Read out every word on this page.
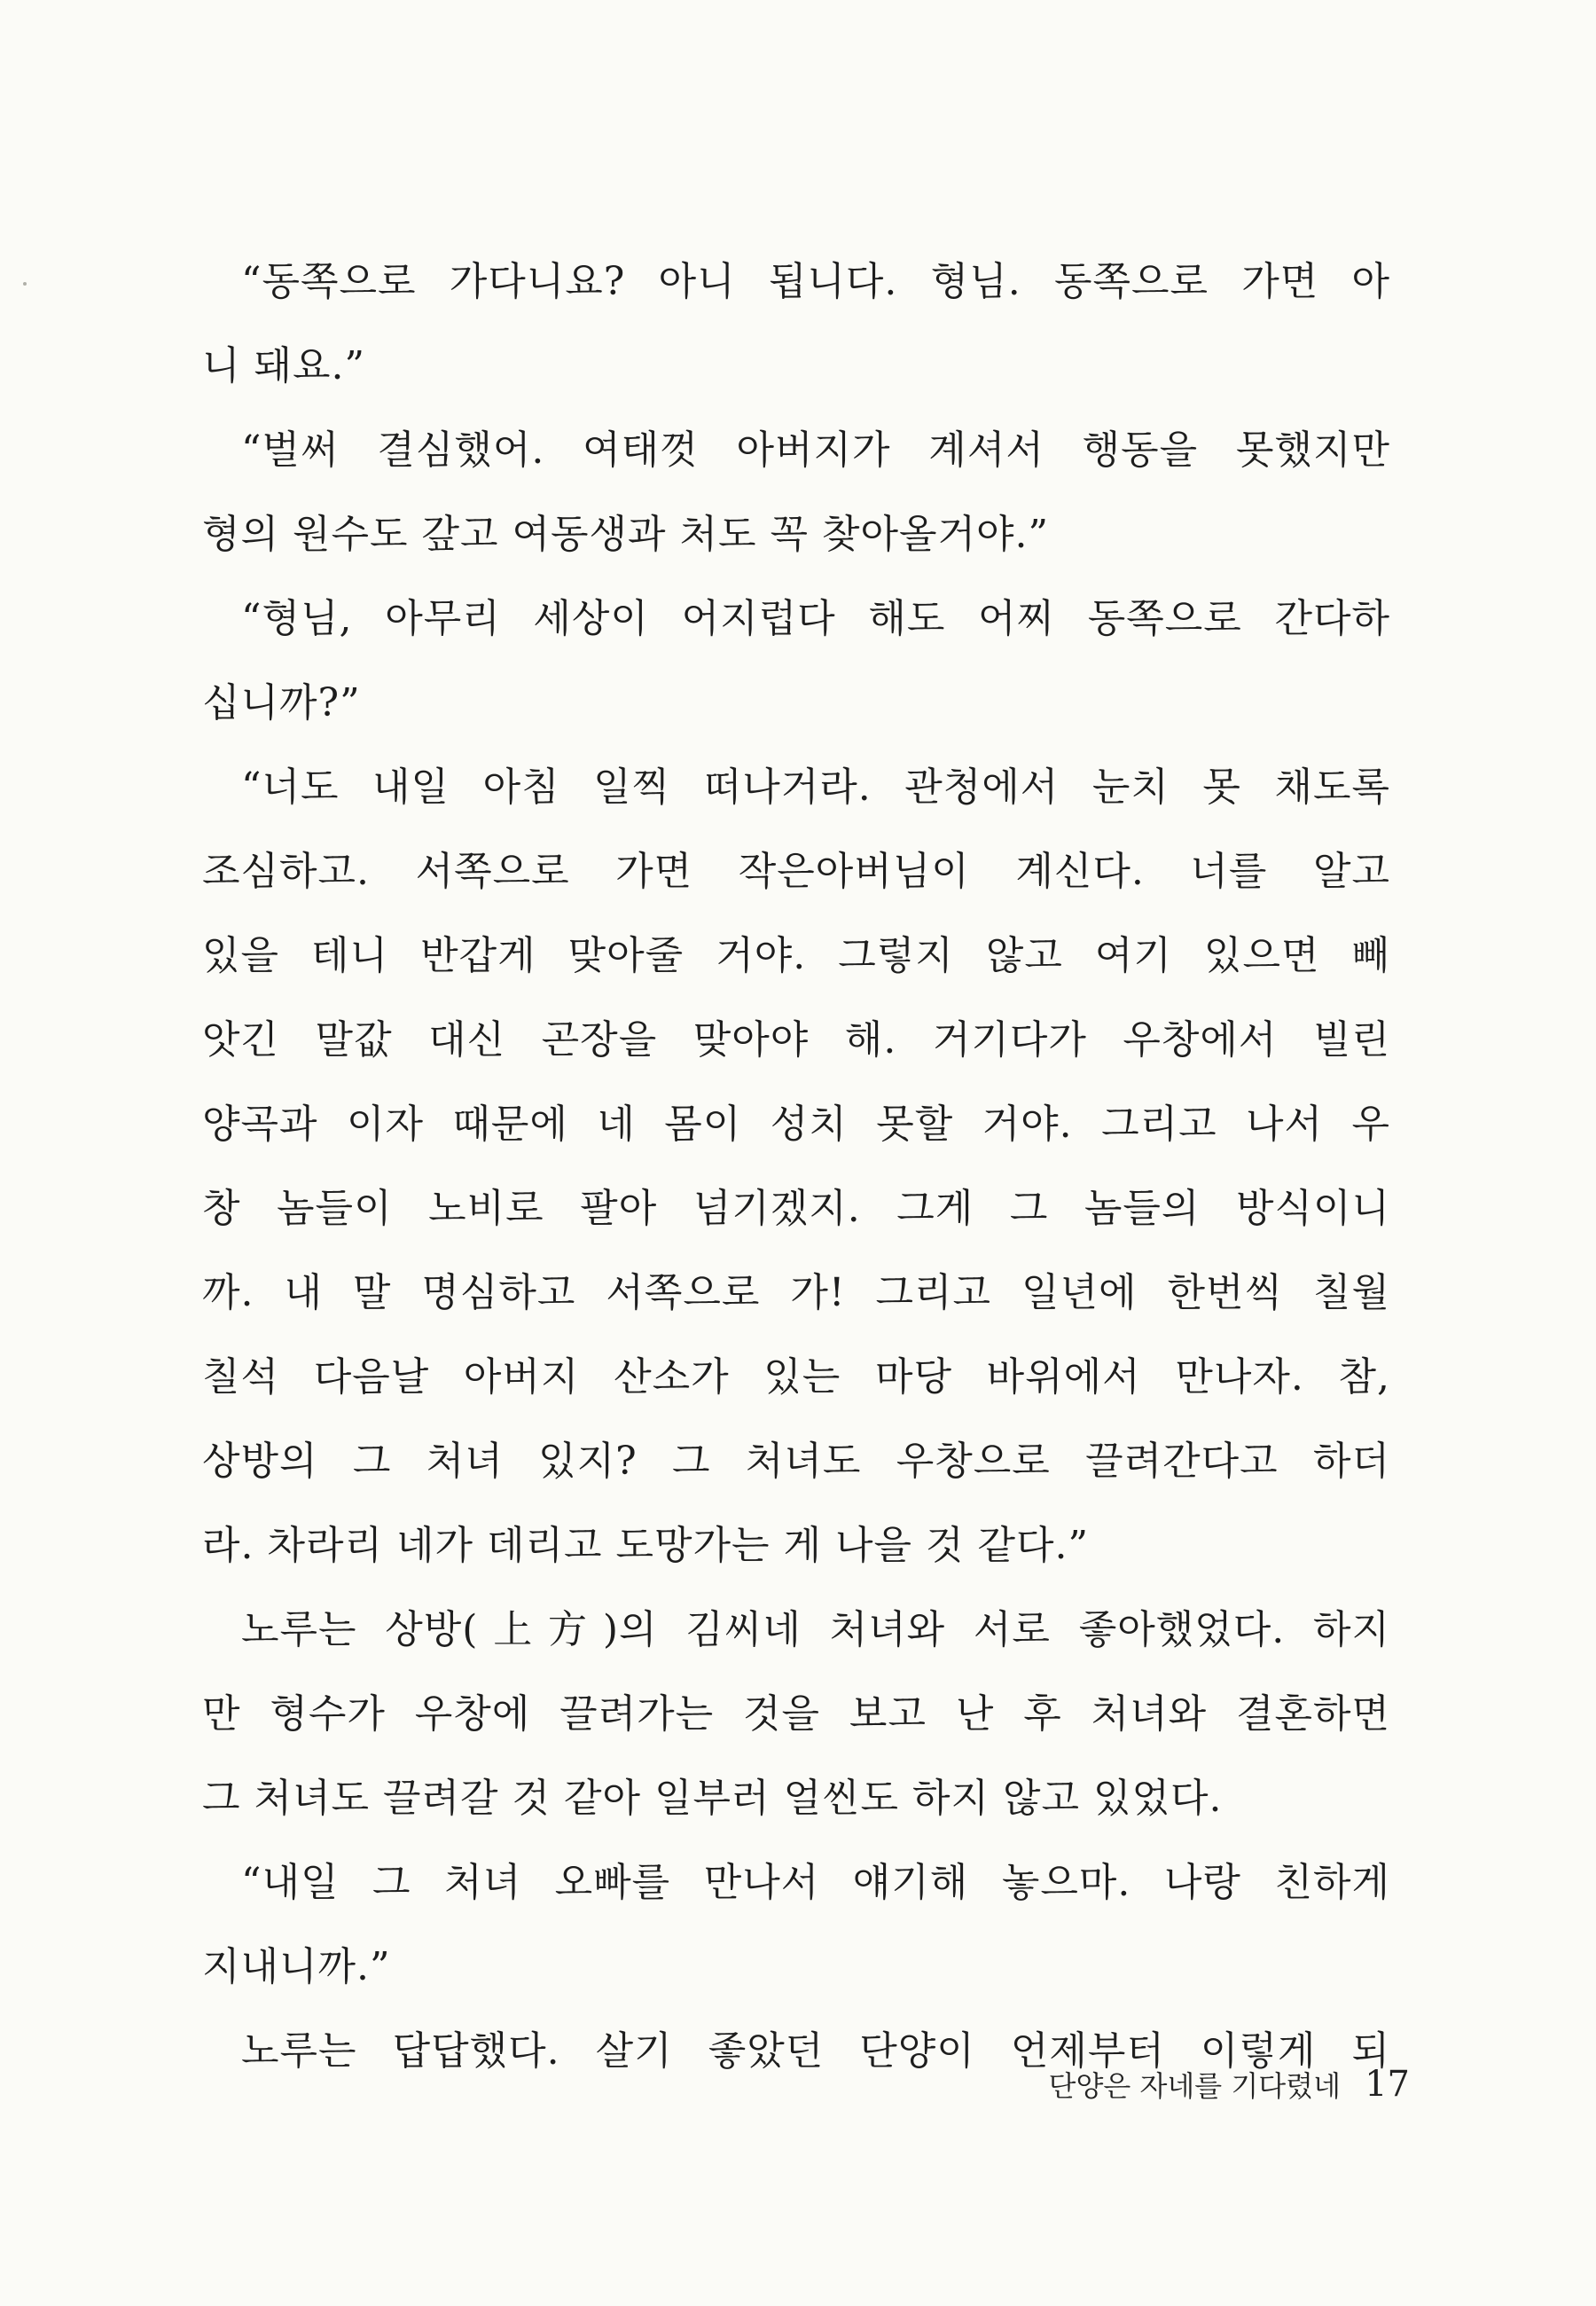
“동쪽으로 가다니요? 아니 됩니다. 형님. 동쪽으로 가면 아
니 돼요.”
“벌써 결심했어. 여태껏 아버지가 계셔서 행동을 못했지만
형의 원수도 갚고 여동생과 처도 꼭 찾아올거야.”
“형님, 아무리 세상이 어지럽다 해도 어찌 동쪽으로 간다하
십니까?”
“너도 내일 아침 일찍 떠나거라. 관청에서 눈치 못 채도록
조심하고. 서쪽으로 가면 작은아버님이 계신다. 너를 알고
있을 테니 반갑게 맞아줄 거야. 그렇지 않고 여기 있으면 빼
앗긴 말값 대신 곤장을 맞아야 해. 거기다가 우창에서 빌린
양곡과 이자 때문에 네 몸이 성치 못할 거야. 그리고 나서 우
창 놈들이 노비로 팔아 넘기겠지. 그게 그 놈들의 방식이니
까. 내 말 명심하고 서쪽으로 가! 그리고 일년에 한번씩 칠월
칠석 다음날 아버지 산소가 있는 마당 바위에서 만나자. 참,
상방의 그 처녀 있지? 그 처녀도 우창으로 끌려간다고 하더
라. 차라리 네가 데리고 도망가는 게 나을 것 같다.”
노루는 상방(上方)의 김씨네 처녀와 서로 좋아했었다. 하지
만 형수가 우창에 끌려가는 것을 보고 난 후 처녀와 결혼하면
그 처녀도 끌려갈 것 같아 일부러 얼씬도 하지 않고 있었다.
“내일 그 처녀 오빠를 만나서 얘기해 놓으마. 나랑 친하게
지내니까.”
노루는 답답했다. 살기 좋았던 단양이 언제부터 이렇게 되
단양은 자네를 기다렸네 17
